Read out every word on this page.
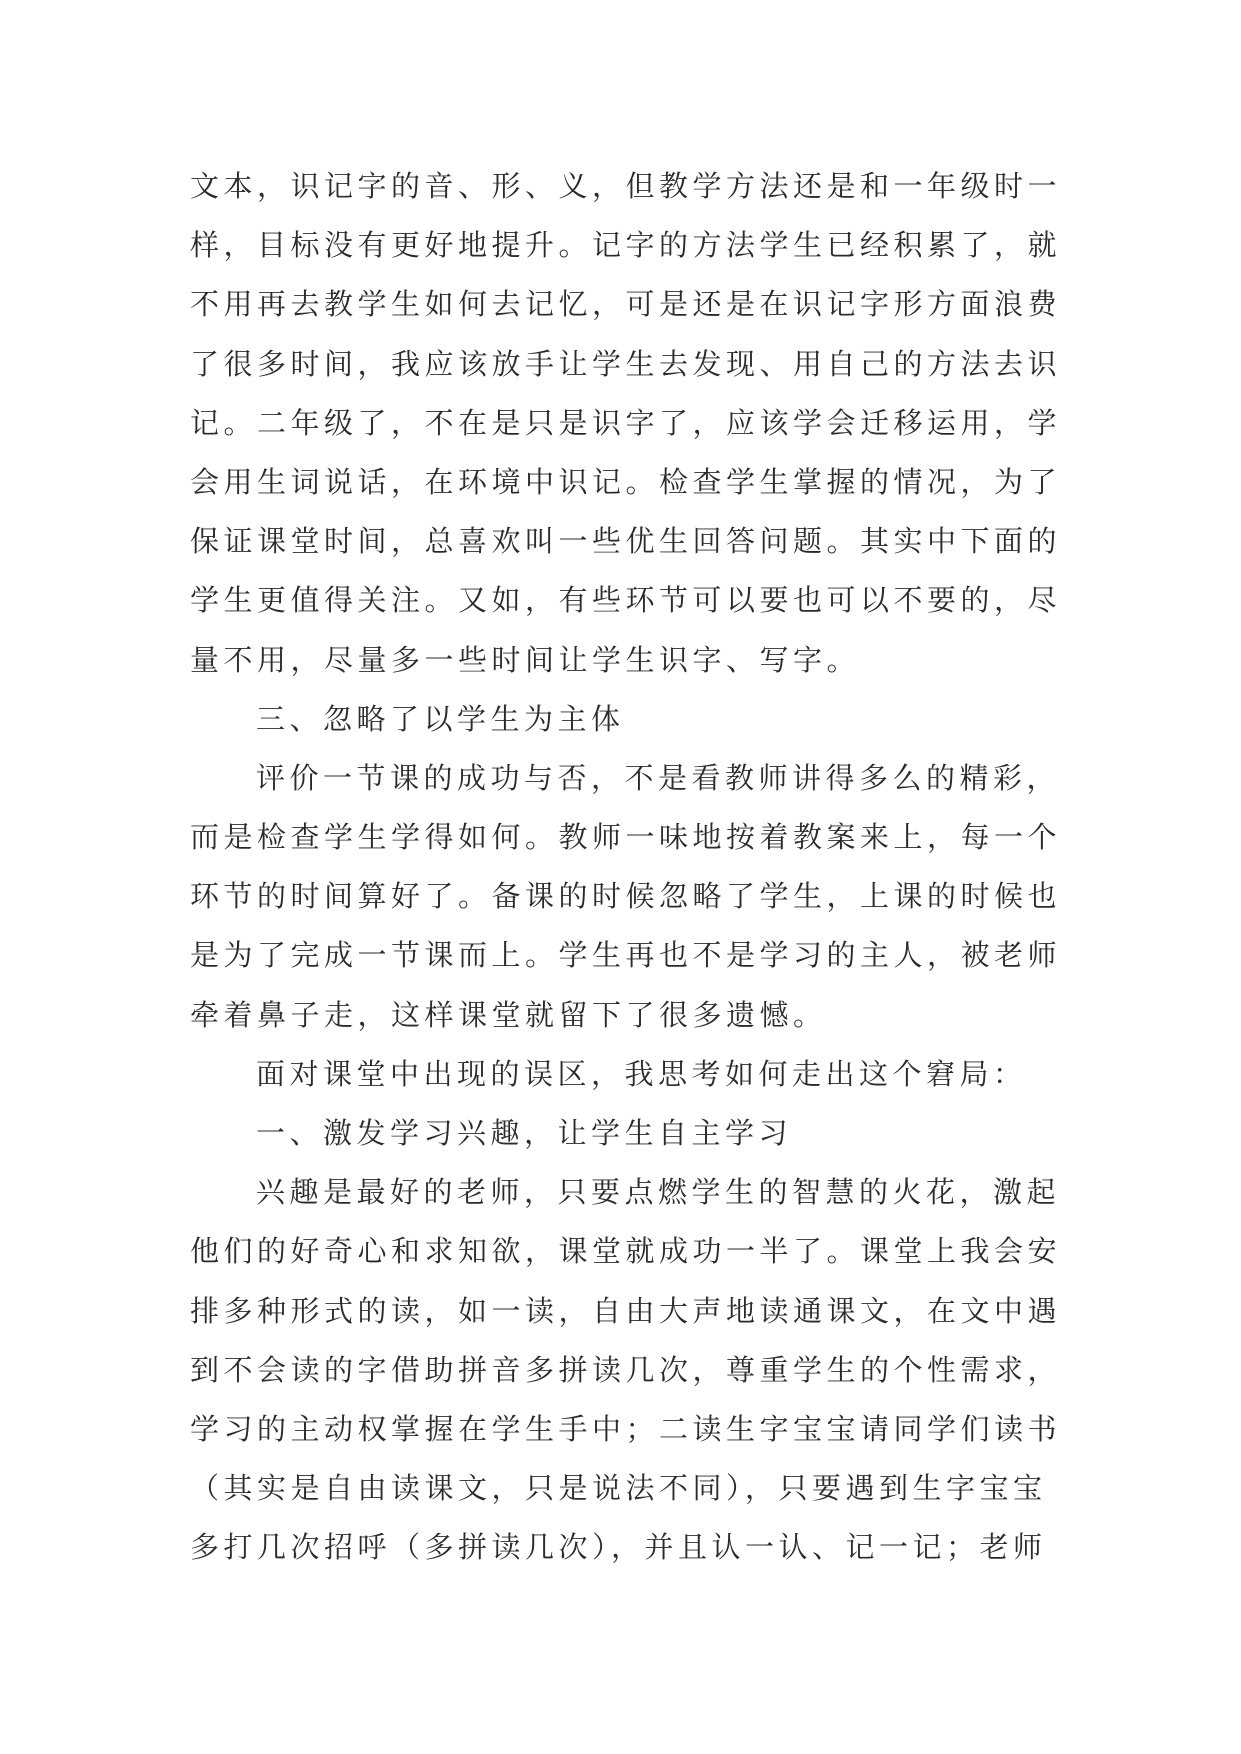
文本，识记字的音、形、义，但教学方法还是和一年级时一
样，目标没有更好地提升。记字的方法学生已经积累了，就
不用再去教学生如何去记忆，可是还是在识记字形方面浪费
了很多时间，我应该放手让学生去发现、用自己的方法去识
记。二年级了，不在是只是识字了，应该学会迁移运用，学
会用生词说话，在环境中识记。检查学生掌握的情况，为了
保证课堂时间，总喜欢叫一些优生回答问题。其实中下面的
学生更值得关注。又如，有些环节可以要也可以不要的，尽
量不用，尽量多一些时间让学生识字、写字。
三、忽略了以学生为主体
评价一节课的成功与否，不是看教师讲得多么的精彩，
而是检查学生学得如何。教师一味地按着教案来上，每一个
环节的时间算好了。备课的时候忽略了学生，上课的时候也
是为了完成一节课而上。学生再也不是学习的主人，被老师
牵着鼻子走，这样课堂就留下了很多遗憾。
面对课堂中出现的误区，我思考如何走出这个窘局：
一、激发学习兴趣，让学生自主学习
兴趣是最好的老师，只要点燃学生的智慧的火花，激起
他们的好奇心和求知欲，课堂就成功一半了。课堂上我会安
排多种形式的读，如一读，自由大声地读通课文，在文中遇
到不会读的字借助拼音多拼读几次，尊重学生的个性需求，
学习的主动权掌握在学生手中；二读生字宝宝请同学们读书
（其实是自由读课文，只是说法不同），只要遇到生字宝宝
多打几次招呼（多拼读几次），并且认一认、记一记；老师
